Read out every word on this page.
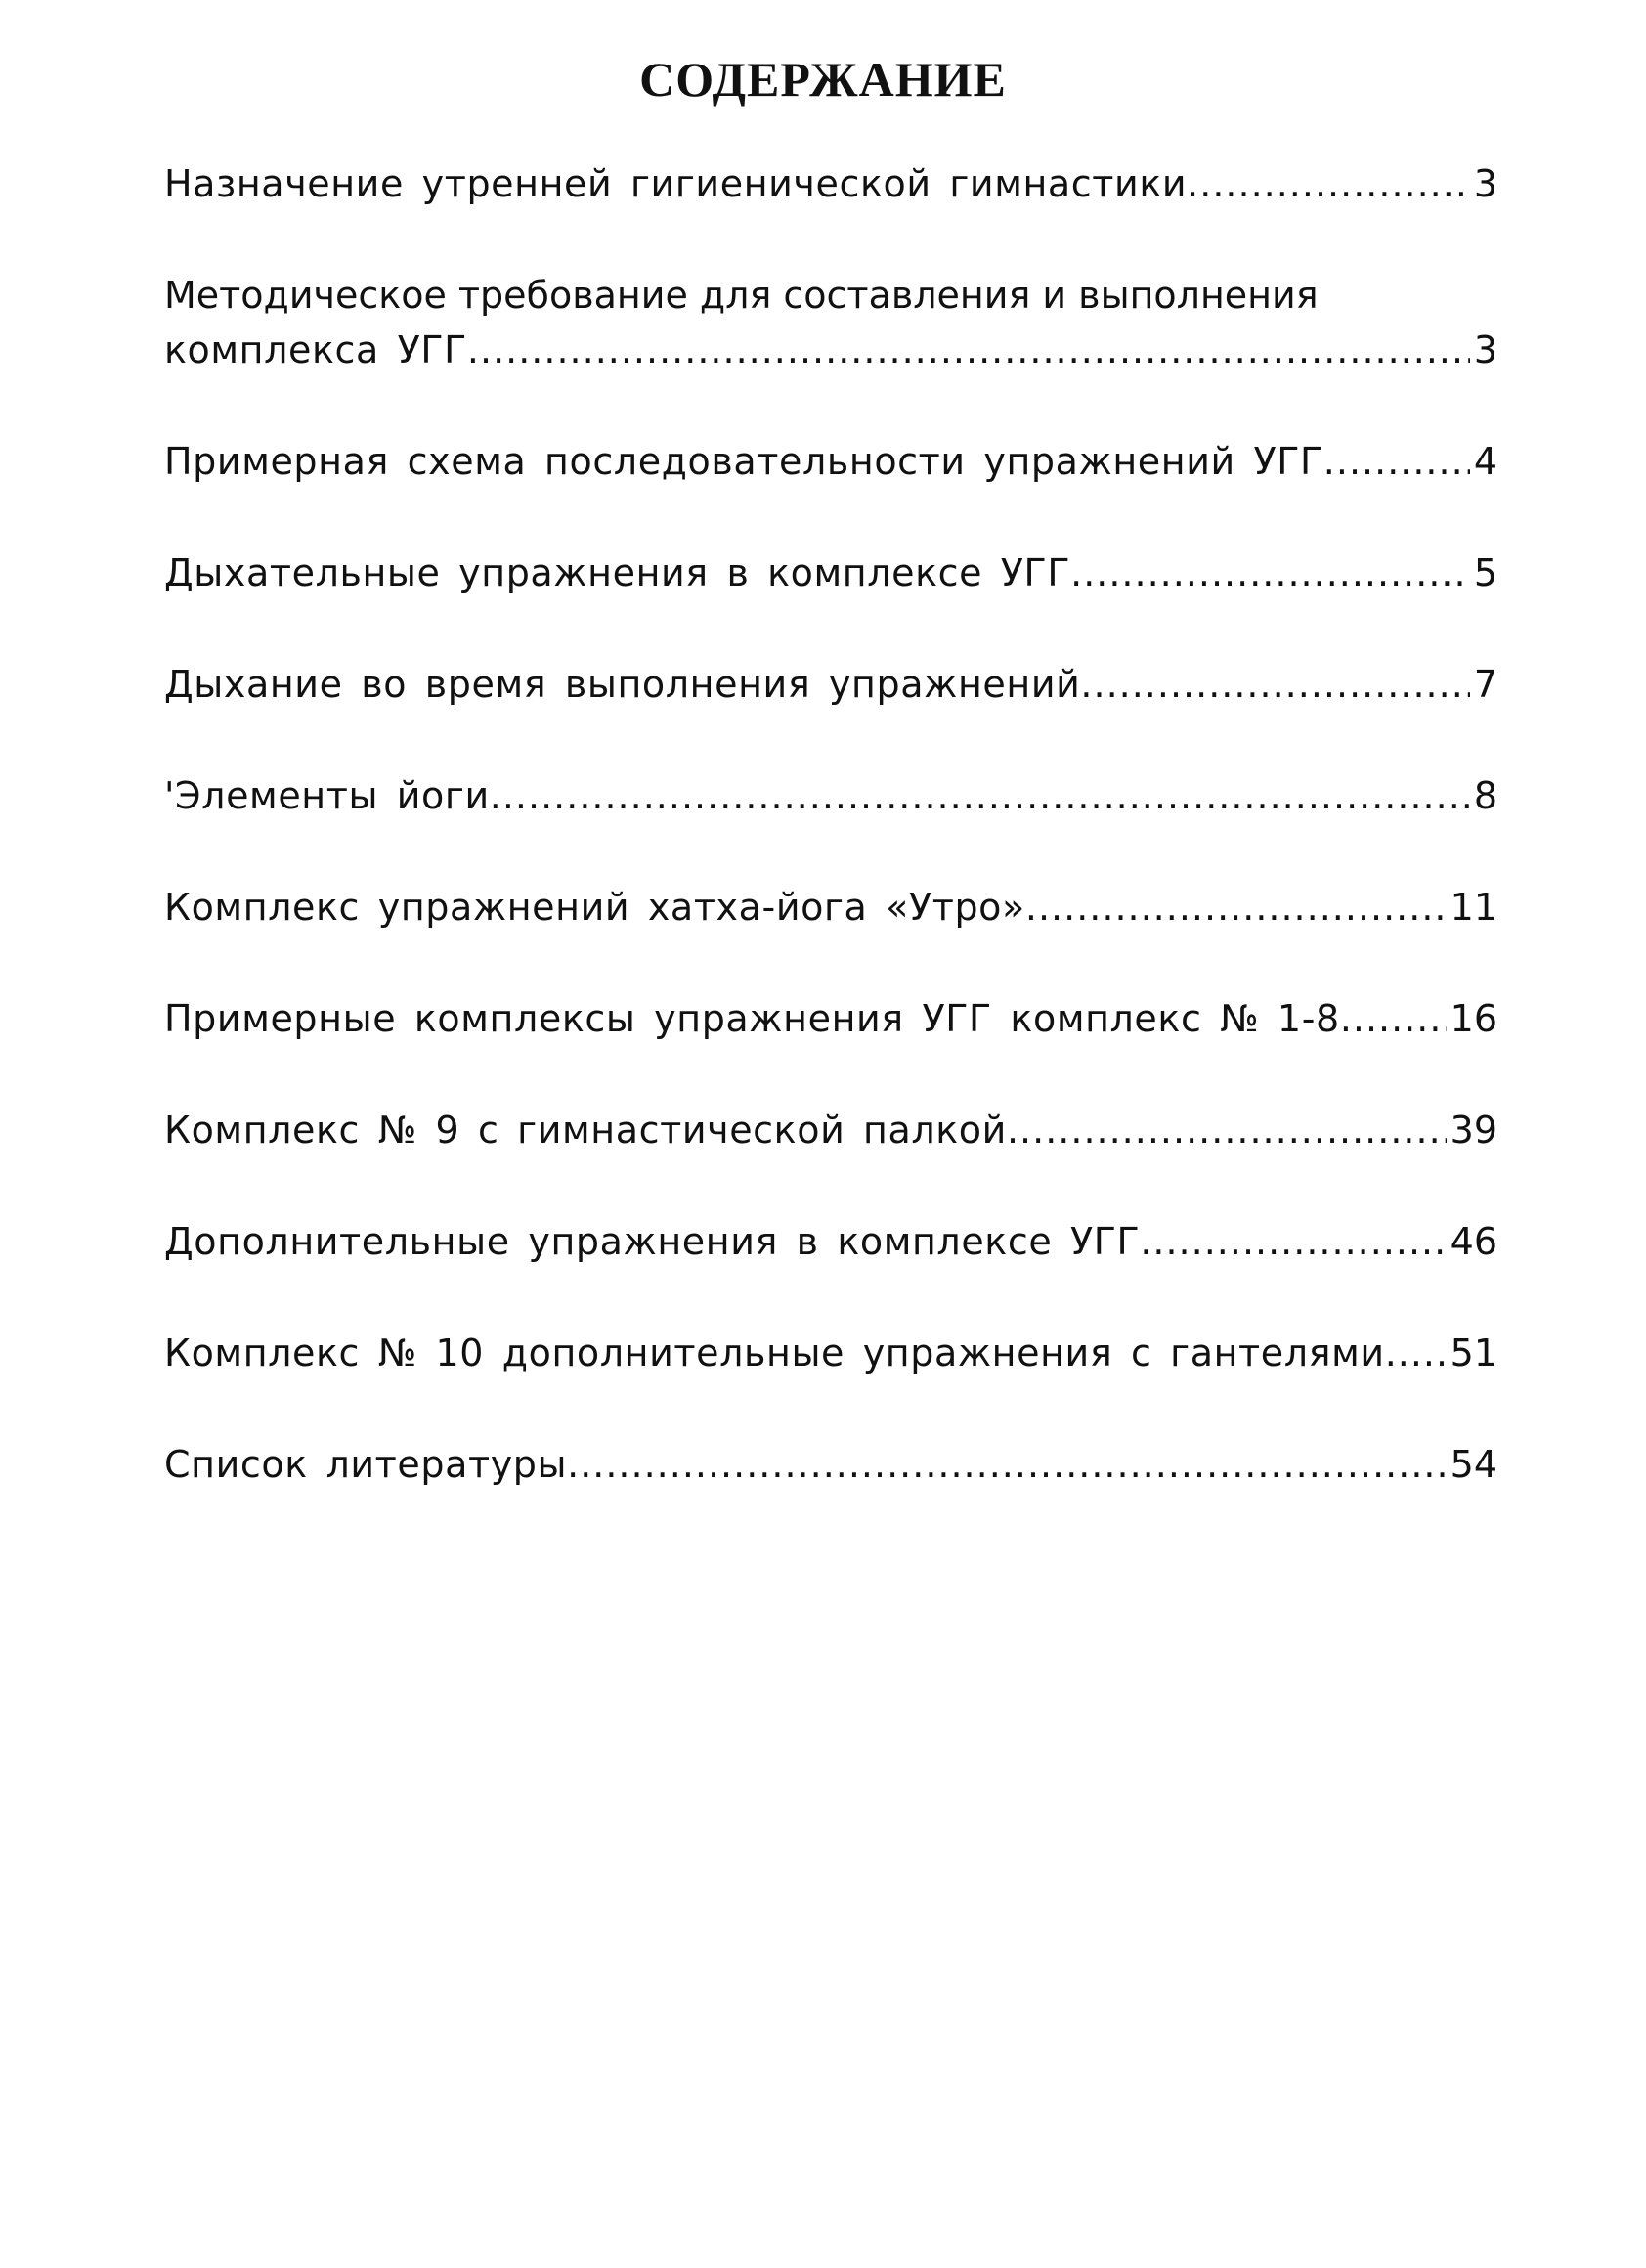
СОДЕРЖАНИЕ
Назначение утренней гигиенической гимнастики .....	3
Методическое требование для составления и выполнения
комплекса УГГ .....	3
Примерная схема последовательности упражнений УГГ .....	4
Дыхательные упражнения в комплексе УГГ .....	5
Дыхание во время выполнения упражнений .....	7
'Элементы йоги .....	8
Комплекс упражнений хатха-йога «Утро» .....	11
Примерные комплексы упражнения УГГ комплекс № 1-8 .....	16
Комплекс № 9 с гимнастической палкой .....	39
Дополнительные упражнения в комплексе УГГ .....	46
Комплекс № 10 дополнительные упражнения с гантелями ..... 51
Список литературы .....	54
